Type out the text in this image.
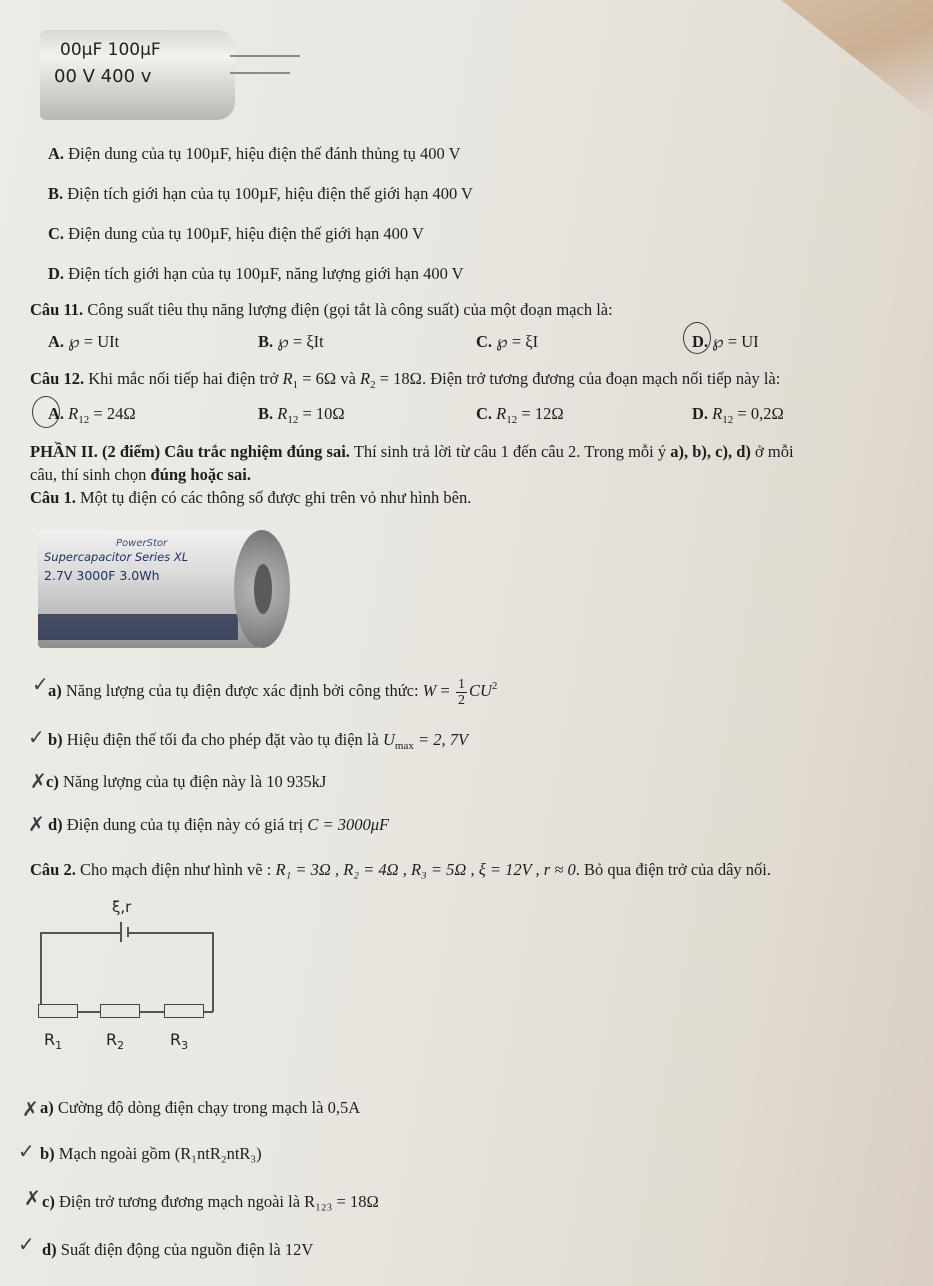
00µF 100µF
00 V 400 v
A. Điện dung của tụ 100µF, hiệu điện thế đánh thủng tụ 400 V
B. Điện tích giới hạn của tụ 100µF, hiệu điện thế giới hạn 400 V
C. Điện dung của tụ 100µF, hiệu điện thế giới hạn 400 V
D. Điện tích giới hạn của tụ 100µF, năng lượng giới hạn 400 V
Câu 11. Công suất tiêu thụ năng lượng điện (gọi tắt là công suất) của một đoạn mạch là:
A. ℘ = UIt	B. ℘ = ξIt	C. ℘ = ξI	D. ℘ = UI
Câu 12. Khi mắc nối tiếp hai điện trở $R_1 = 6\Omega$ và $R_2 = 18\Omega$. Điện trở tương đương của đoạn mạch nối tiếp này là:
A. $R_{12} = 24\Omega$	B. $R_{12} = 10\Omega$	C. $R_{12} = 12\Omega$	D. $R_{12} = 0,2\Omega$
PHẦN II. (2 điểm) Câu trắc nghiệm đúng sai. Thí sinh trả lời từ câu 1 đến câu 2. Trong mỗi ý a), b), c), d) ở mỗi
câu, thí sinh chọn đúng hoặc sai.
Câu 1. Một tụ điện có các thông số được ghi trên vỏ như hình bên.
PowerStor
Supercapacitor Series XL
2.7V 3000F 3.0Wh
✓ a) Năng lượng của tụ điện được xác định bởi công thức: $W = \frac{1}{2} CU^2$
✓ b) Hiệu điện thế tối đa cho phép đặt vào tụ điện là $U_{max} = 2$, 7V
✗ c) Năng lượng của tụ điện này là 10 935kJ
✗ d) Điện dung của tụ điện này có giá trị C = 3000μF
Câu 2. Cho mạch điện như hình vẽ : R₁ = 3Ω , R₂ = 4Ω , R₃ = 5Ω , ξ = 12V , r ≈ 0. Bỏ qua điện trở của dây nối.
ξ,r
$R_1$	$R_2$	$R_3$
✗ a) Cường độ dòng điện chạy trong mạch là 0,5A
✓ b) Mạch ngoài gồm (R₁ntR₂ntR₃)
✗ c) Điện trở tương đương mạch ngoài là R₁₂₃ = 18Ω
✓ d) Suất điện động của nguồn điện là 12V
